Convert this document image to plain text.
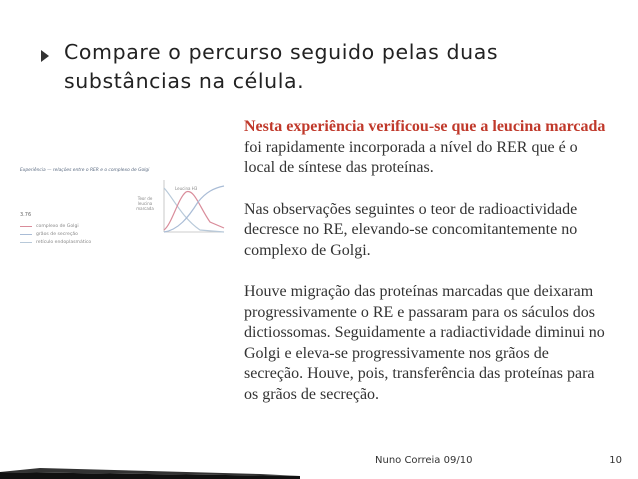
Compare o percurso seguido pelas duas
substâncias na célula.
Experiência — relações entre o RER e o complexo de Golgi
3.76
complexo de Golgi
grãos de secreção
retículo endoplasmático
Teor de leucina marcada
Leucina H3

Nesta experiência verificou-se que a leucina marcada foi rapidamente incorporada a nível do RER que é o local de síntese das proteínas.

Nas observações seguintes o teor de radioactividade decresce no RE, elevando-se concomitantemente no complexo de Golgi.

Houve migração das proteínas marcadas que deixaram progressivamente o RE e passaram para os sáculos dos dictiossomas. Seguidamente a radiactividade diminui no Golgi e eleva-se progressivamente nos grãos de secreção. Houve, pois, transferência das proteínas para os grãos de secreção.

Nuno Correia 09/10	10
